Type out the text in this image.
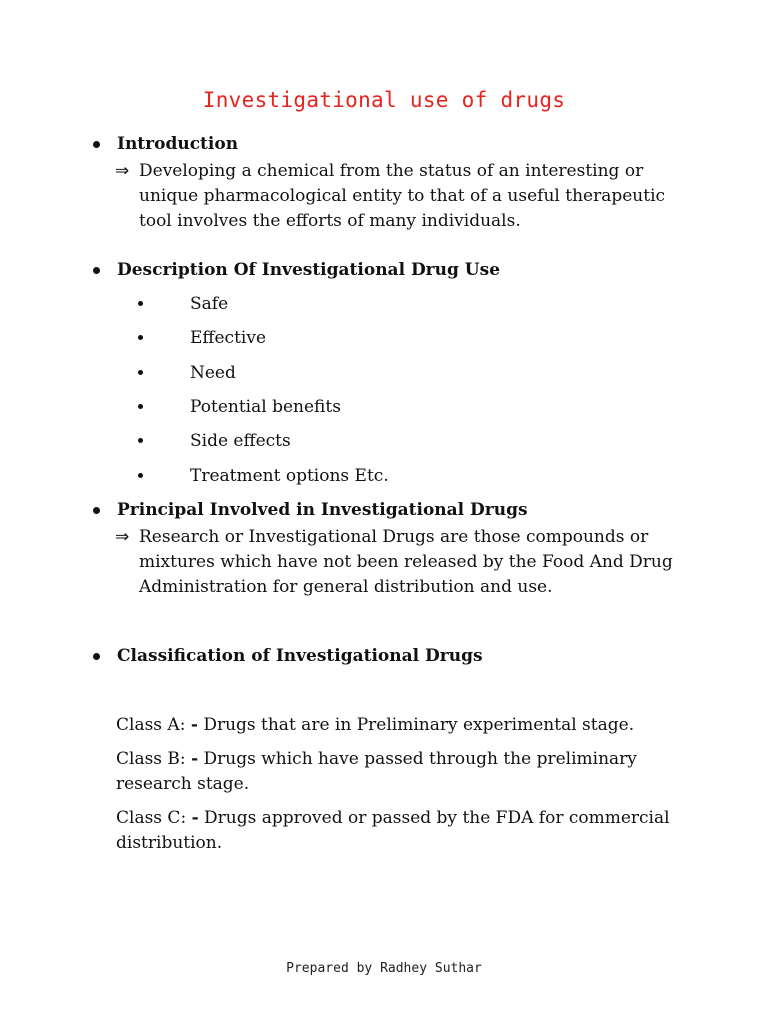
Investigational use of drugs
Introduction
⇒ Developing a chemical from the status of an interesting or unique pharmacological entity to that of a useful therapeutic tool involves the efforts of many individuals.
Description Of Investigational Drug Use
Safe
Effective
Need
Potential benefits
Side effects
Treatment options Etc.
Principal Involved in Investigational Drugs
⇒ Research or Investigational Drugs are those compounds or mixtures which have not been released by the Food And Drug Administration for general distribution and use.
Classification of Investigational Drugs
Class A: - Drugs that are in Preliminary experimental stage.
Class B: - Drugs which have passed through the preliminary research stage.
Class C: - Drugs approved or passed by the FDA for commercial distribution.
Prepared by Radhey Suthar
